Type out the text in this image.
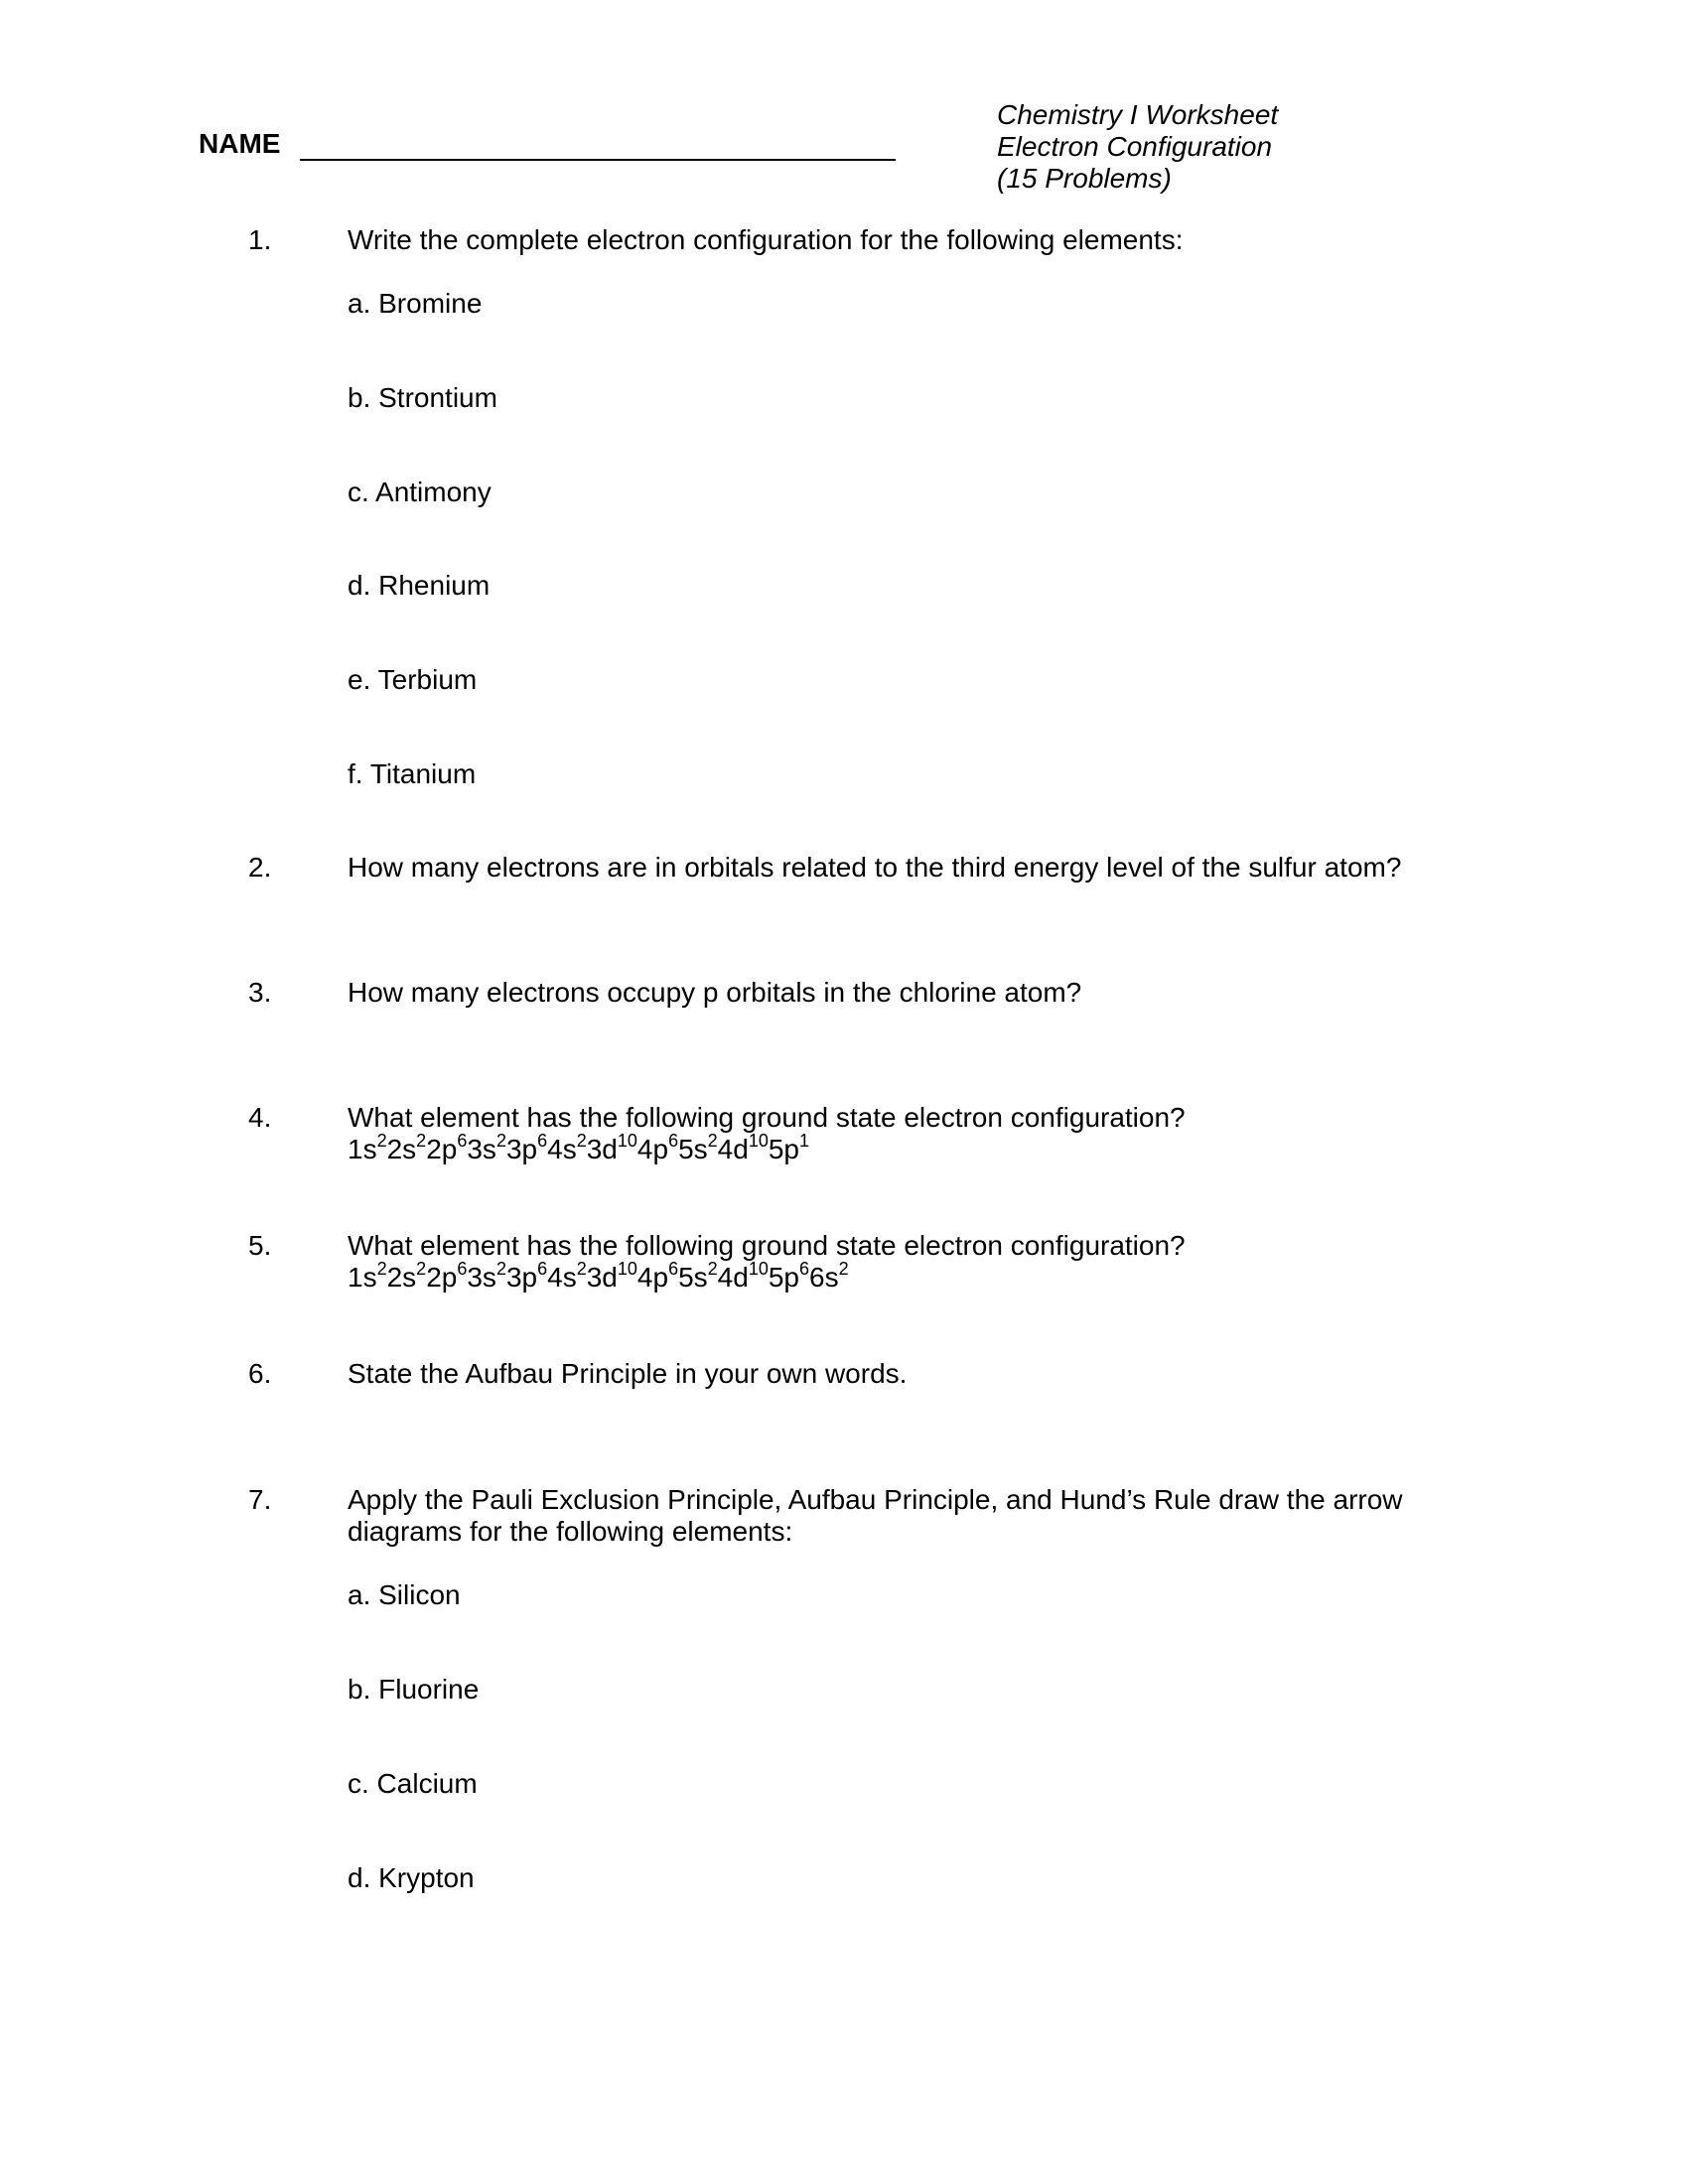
NAME
Chemistry I Worksheet
Electron Configuration
(15 Problems)
1.	Write the complete electron configuration for the following elements:
a. Bromine
b. Strontium
c. Antimony
d. Rhenium
e. Terbium
f. Titanium
2.	How many electrons are in orbitals related to the third energy level of the sulfur atom?
3.	How many electrons occupy p orbitals in the chlorine atom?
4.	What element has the following ground state electron configuration?
$1s^22s^22p^63s^23p^64s^23d^{10}4p^65s^24d^{10}5p^1$
5.	What element has the following ground state electron configuration?
$1s^22s^22p^63s^23p^64s^23d^{10}4p^65s^24d^{10}5p^66s^2$
6.	State the Aufbau Principle in your own words.
7.	Apply the Pauli Exclusion Principle, Aufbau Principle, and Hund’s Rule draw the arrow
diagrams for the following elements:
a. Silicon
b. Fluorine
c. Calcium
d. Krypton
